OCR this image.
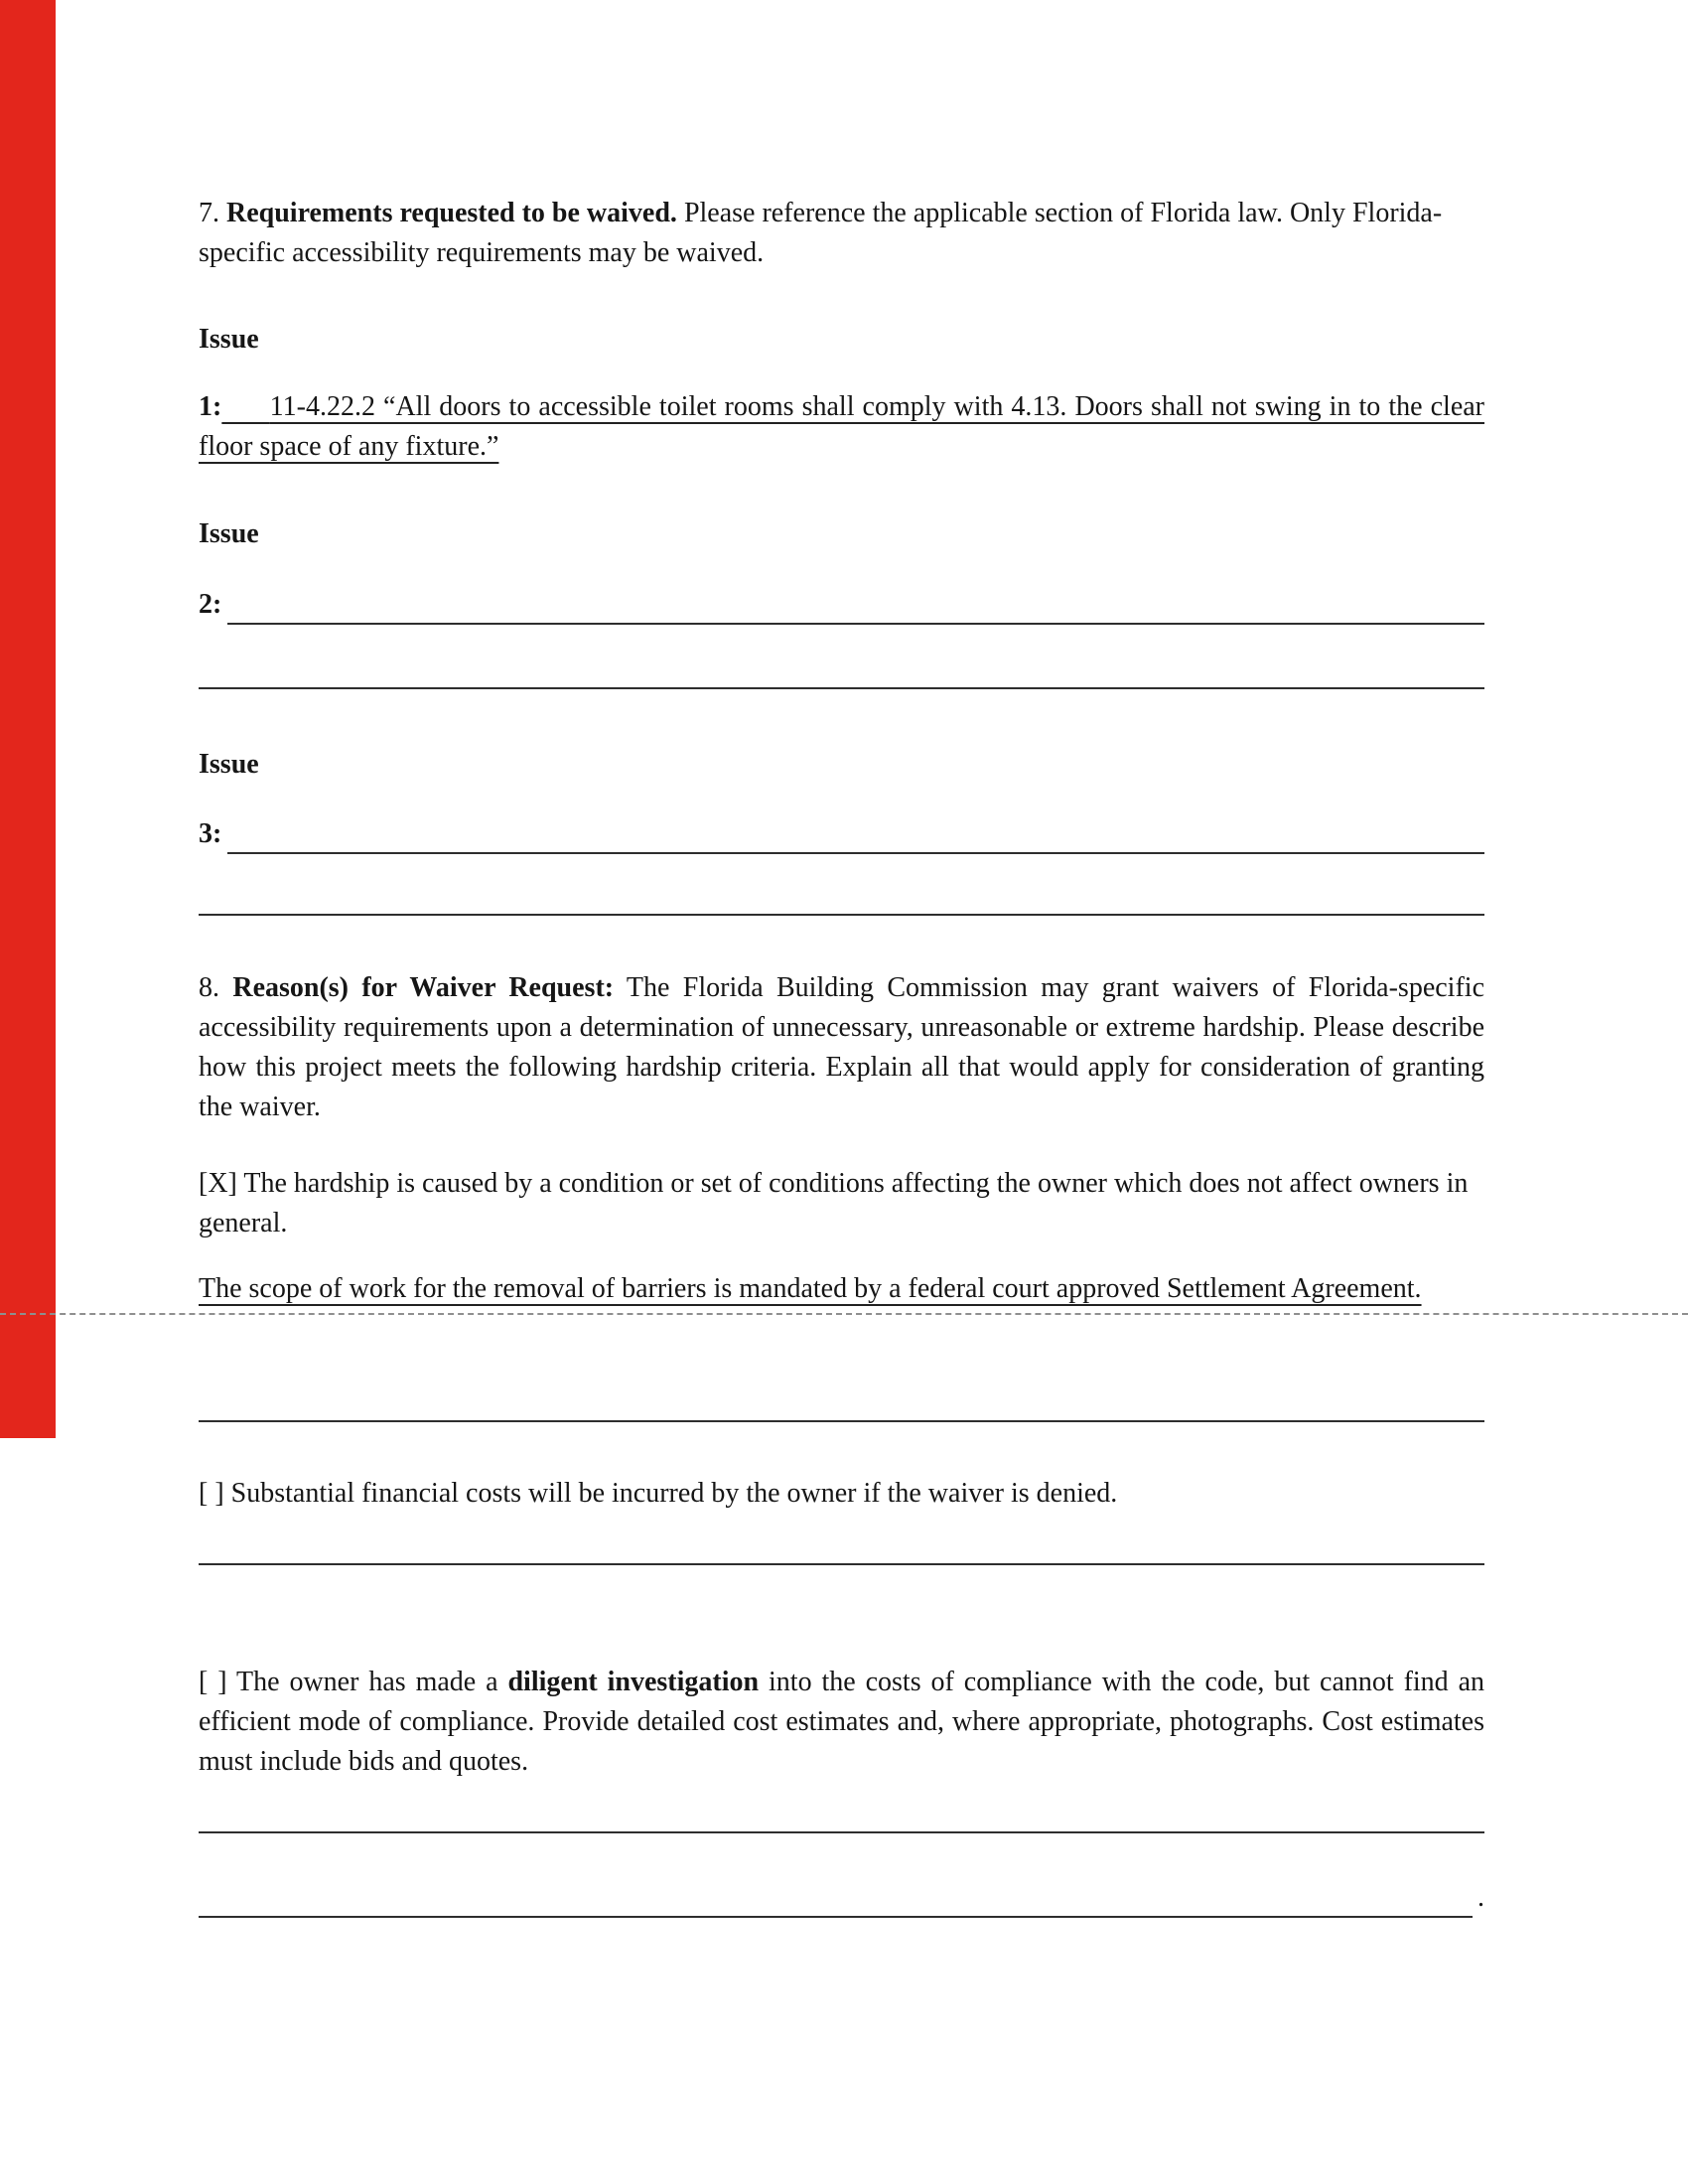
7. Requirements requested to be waived. Please reference the applicable section of Florida law. Only Florida-specific accessibility requirements may be waived.

Issue

1: 11-4.22.2 “All doors to accessible toilet rooms shall comply with 4.13. Doors shall not swing in to the clear floor space of any fixture.”

Issue
2:
Issue
3:

8. Reason(s) for Waiver Request: The Florida Building Commission may grant waivers of Florida-specific accessibility requirements upon a determination of unnecessary, unreasonable or extreme hardship. Please describe how this project meets the following hardship criteria. Explain all that would apply for consideration of granting the waiver.

[X] The hardship is caused by a condition or set of conditions affecting the owner which does not affect owners in general.

The scope of work for the removal of barriers is mandated by a federal court approved Settlement Agreement.

[ ] Substantial financial costs will be incurred by the owner if the waiver is denied.

[ ] The owner has made a diligent investigation into the costs of compliance with the code, but cannot find an efficient mode of compliance. Provide detailed cost estimates and, where appropriate, photographs. Cost estimates must include bids and quotes.

.
